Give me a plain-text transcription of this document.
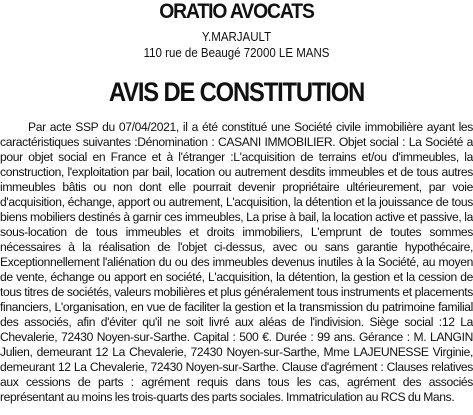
ORATIO AVOCATS

Y.MARJAULT

110 rue de Beaugé 72000 LE MANS

AVIS DE CONSTITUTION

Par acte SSP du 07/04/2021, il a été constitué une Société civile immobilière ayant les caractéristiques suivantes :Dénomination : CASANI IMMOBILIER. Objet social : La Société a pour objet social en France et à l'étranger :L'acquisition de terrains et/ou d'immeubles, la construction, l'exploitation par bail, location ou autrement desdits immeubles et de tous autres immeubles bâtis ou non dont elle pourrait devenir propriétaire ultérieurement, par voie d'acquisition, échange, apport ou autrement, L'acquisition, la détention et la jouissance de tous biens mobiliers destinés à garnir ces immeubles, La prise à bail, la location active et passive, la sous-location de tous immeubles et droits immobiliers, L'emprunt de toutes sommes nécessaires à la réalisation de l'objet ci-dessus, avec ou sans garantie hypothécaire, Exceptionnellement l'aliénation du ou des immeubles devenus inutiles à la Société, au moyen de vente, échange ou apport en société, L'acquisition, la détention, la gestion et la cession de tous titres de sociétés, valeurs mobilières et plus généralement tous instruments et placements financiers, L'organisation, en vue de faciliter la gestion et la transmission du patrimoine familial des associés, afin d'éviter qu'il ne soit livré aux aléas de l'indivision. Siège social :12 La Chevalerie, 72430 Noyen-sur-Sarthe. Capital : 500 €. Durée : 99 ans. Gérance : M. LANGIN Julien, demeurant 12 La Chevalerie, 72430 Noyen-sur-Sarthe, Mme LAJEUNESSE Virginie, demeurant 12 La Chevalerie, 72430 Noyen-sur-Sarthe. Clause d'agrément : Clauses relatives aux cessions de parts : agrément requis dans tous les cas, agrément des associés représentant au moins les trois-quarts des parts sociales. Immatriculation au RCS du Mans.
